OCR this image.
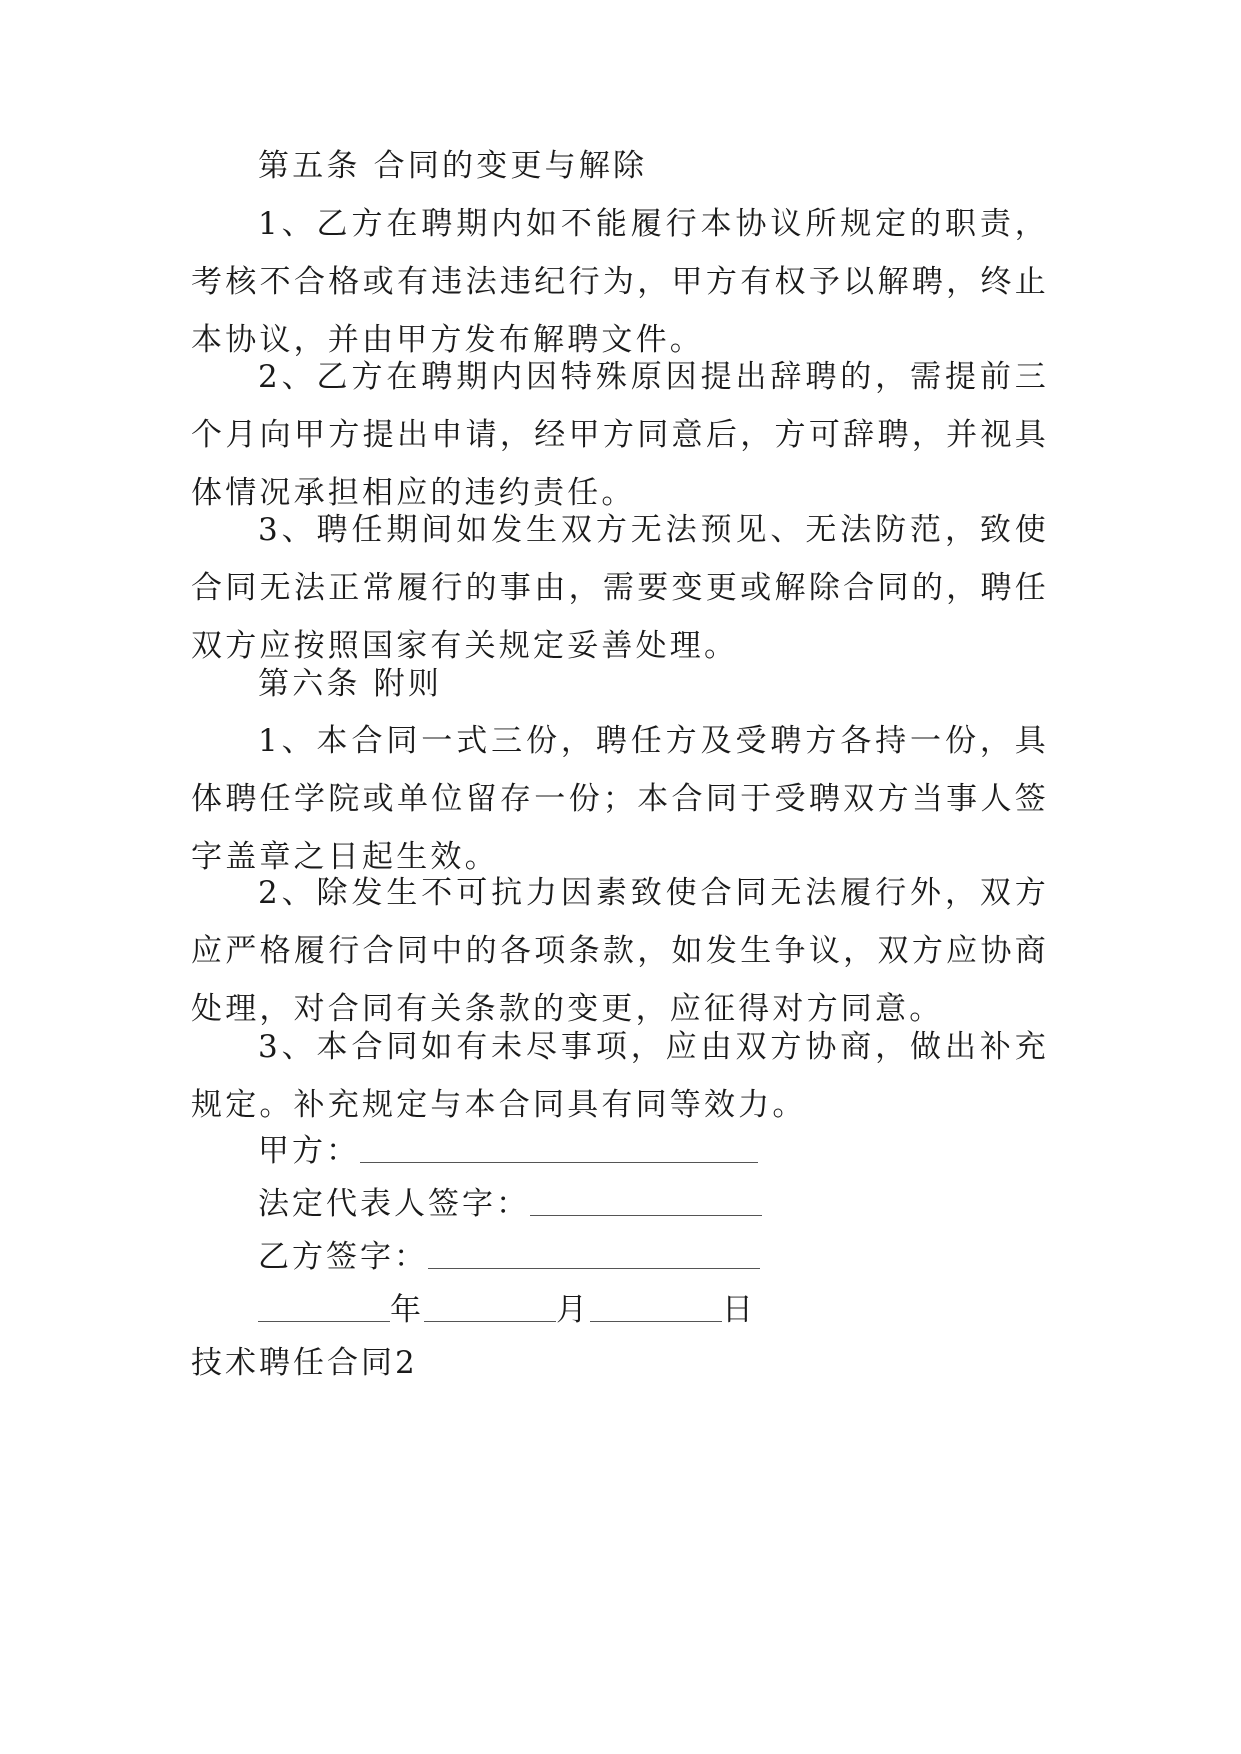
第五条 合同的变更与解除

1、乙方在聘期内如不能履行本协议所规定的职责，考核不合格或有违法违纪行为，甲方有权予以解聘，终止本协议，并由甲方发布解聘文件。

2、乙方在聘期内因特殊原因提出辞聘的，需提前三个月向甲方提出申请，经甲方同意后，方可辞聘，并视具体情况承担相应的违约责任。

3、聘任期间如发生双方无法预见、无法防范，致使合同无法正常履行的事由，需要变更或解除合同的，聘任双方应按照国家有关规定妥善处理。

第六条 附则

1、本合同一式三份，聘任方及受聘方各持一份，具体聘任学院或单位留存一份；本合同于受聘双方当事人签字盖章之日起生效。

2、除发生不可抗力因素致使合同无法履行外，双方应严格履行合同中的各项条款，如发生争议，双方应协商处理，对合同有关条款的变更，应征得对方同意。

3、本合同如有未尽事项，应由双方协商，做出补充规定。补充规定与本合同具有同等效力。

甲方：

法定代表人签字：

乙方签字：

年	月	日

技术聘任合同2
